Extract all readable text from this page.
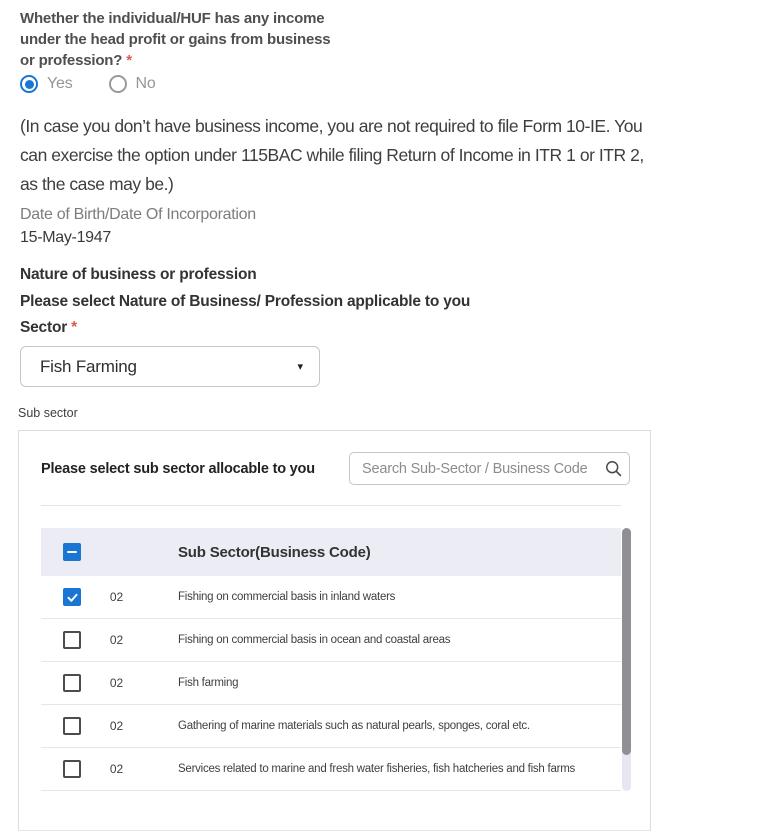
Whether the individual/HUF has any income
under the head profit or gains from business
or profession? *
Yes	No
(In case you don’t have business income, you are not required to file Form 10-IE. You
can exercise the option under 115BAC while filing Return of Income in ITR 1 or ITR 2,
as the case may be.)
Date of Birth/Date Of Incorporation
15-May-1947
Nature of business or profession
Please select Nature of Business/ Profession applicable to you
Sector *
Fish Farming	▾
Sub sector
Please select sub sector allocable to you
Search Sub-Sector / Business Code
Sub Sector(Business Code)
02	Fishing on commercial basis in inland waters
02	Fishing on commercial basis in ocean and coastal areas
02	Fish farming
02	Gathering of marine materials such as natural pearls, sponges, coral etc.
02	Services related to marine and fresh water fisheries, fish hatcheries and fish farms
